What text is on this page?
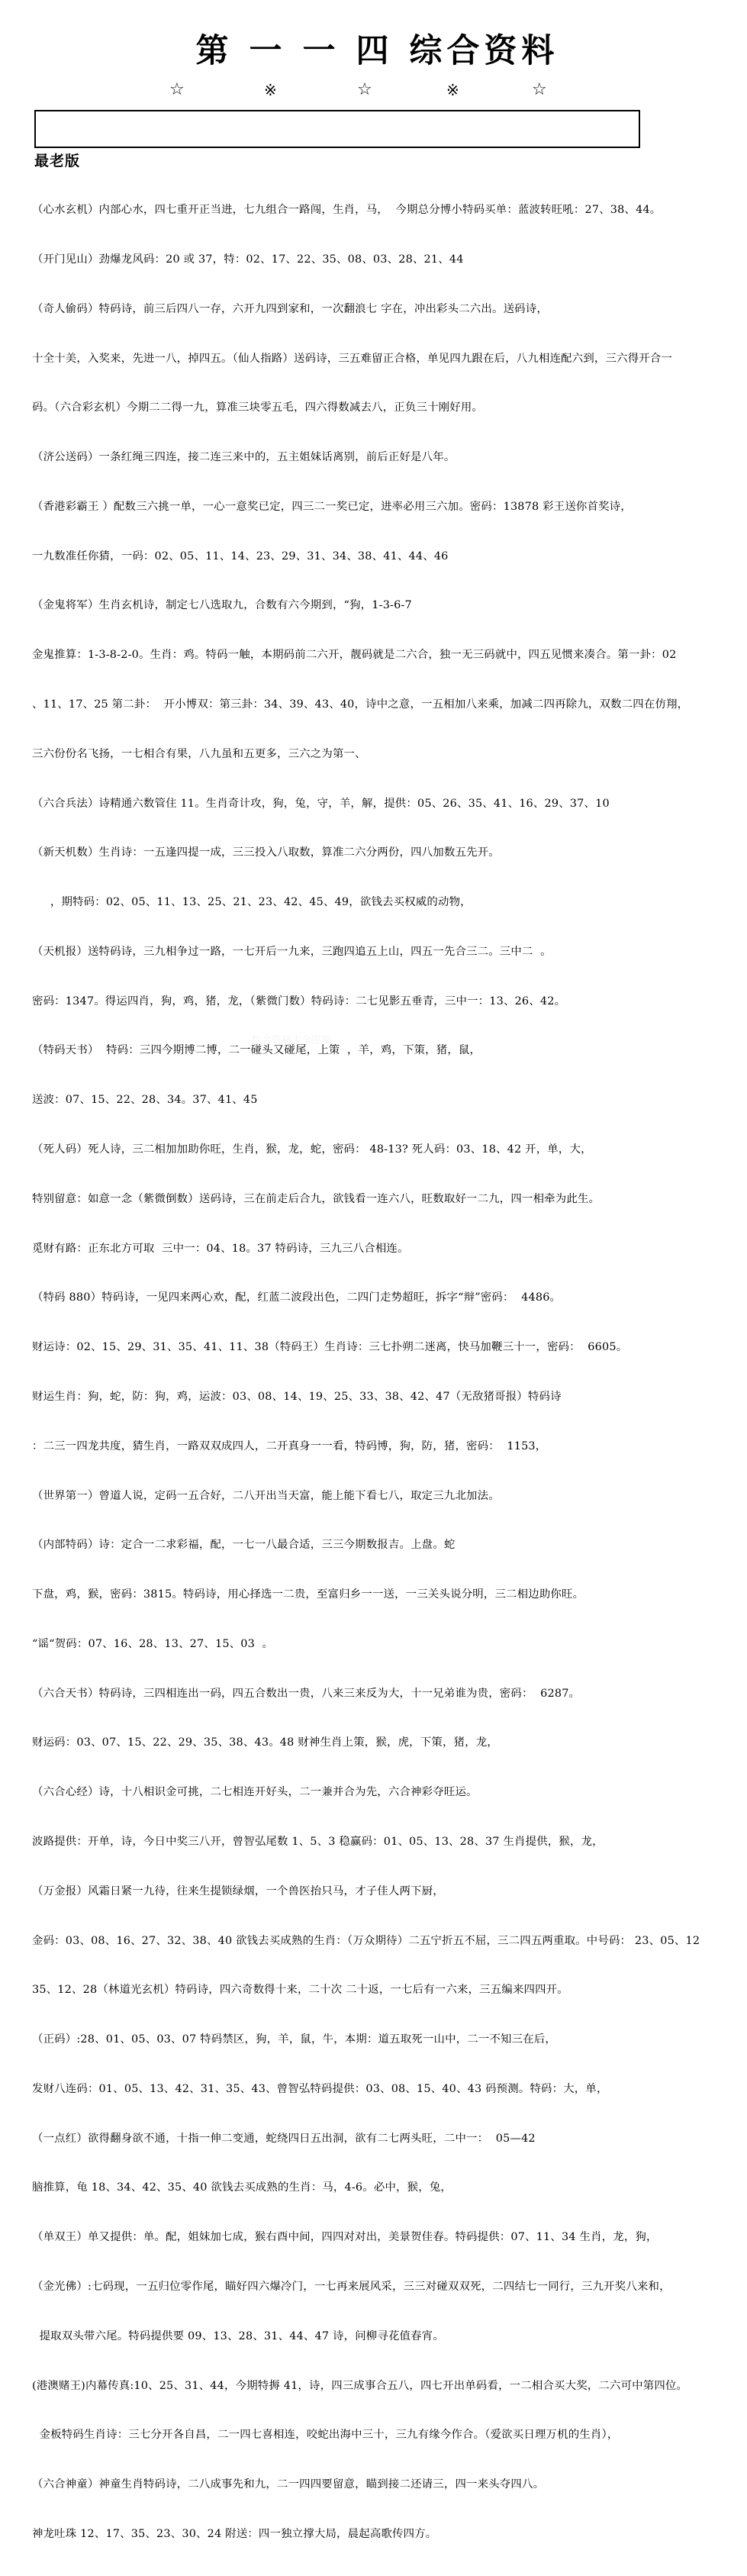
第 一 一 四 综合资料
☆	※	☆	※	☆
最老版

（心水玄机）内部心水，四七重开正当进，七九组合一路闯，生肖，马，  今期总分博小特码买单：蓝波转旺吼：27、38、44。

（开门见山）劲爆龙风码：20 或 37，特：02、17、22、35、08、03、28、21、44

（奇人偷码）特码诗，前三后四八一存，六开九四到家和，一次翻浪七 字在，冲出彩头二六出。送码诗，

十全十美，入奖来，先进一八，掉四五。（仙人指路）送码诗，三五难留正合格，单见四九跟在后，八九相连配六到，三六得开合一

码。（六合彩玄机）今期二二得一九，算准三块零五毛，四六得数减去八，正负三十刚好用。

（济公送码）一条红绳三四连，接二连三来中的，五主姐妹话离别，前后正好是八年。

（香港彩霸王 ）配数三六挑一单，一心一意奖已定，四三二一奖已定，进率必用三六加。密码：13878 彩王送你首奖诗，

一九数准任你猜，一码：02、05、11、14、23、29、31、34、38、41、44、46

（金鬼将军）生肖玄机诗，制定七八选取九，合数有六今期到，“狗，1-3-6-7

金鬼推算：1-3-8-2-0。生肖：鸡。特码一触，本期码前二六开，靓码就是二六合，独一无三码就中，四五见惯来凑合。第一卦：02

、11、17、25 第二卦：  开小博双：第三卦：34、39、43、40，诗中之意，一五相加八来乘，加减二四再除九，双数二四在仿翔，

三六份份名飞扬，一七相合有果，八九虽和五更多，三六之为第一、

（六合兵法）诗精通六数管住 11。生肖奇计攻，狗，兔，守，羊，解，提供：05、26、35、41、16、29、37、10

（新天机数）生肖诗：一五逢四提一成，三三投入八取数，算准二六分两份，四八加数五先开。

，期特码：02、05、11、13、25、21、23、42、45、49，欲钱去买权威的动物，

（天机报）送特码诗，三九相争过一路，一七开后一九来，三跑四追五上山，四五一先合三二。三中二  。

密码：1347。得运四肖，狗，鸡，猪，龙，（紫微门数）特码诗：二七见影五垂青，三中一：13、26、42。

（特码天书）  特码：三四今期博二博，二一碰头又碰尾，上策  ，羊，鸡，下策，猪，鼠，

送波：07、15、22、28、34。37、41、45

（死人码）死人诗，三二相加加助你旺，生肖，猴，龙，蛇，密码： 48-13? 死人码：03、18、42 开，单，大，

特别留意：如意一念（紫微倒数）送码诗，三在前走后合九，欲钱看一连六八，旺数取好一二九，四一相牵为此生。

觅财有路：正东北方可取  三中一：04、18。37 特码诗，三九三八合相连。

（特码 880）特码诗，一见四来两心欢，配，红蓝二波段出色，二四门走势超旺，拆字“辩”密码：  4486。

财运诗：02、15、29、31、35、41、11、38（特码王）生肖诗：三七扑朔二迷离，快马加鞭三十一，密码：  6605。

财运生肖：狗，蛇，防：狗，鸡，运波：03、08、14、19、25、33、38、42、47（无敌猪哥报）特码诗

：二三一四龙共度，猜生肖，一路双双成四人，二开真身一一看，特码博，狗，防，猪，密码：  1153，

（世界第一）曾道人说，定码一五合好，二八开出当天富，能上能下看七八，取定三九北加法。

（内部特码）诗：定合一二求彩福，配，一七一八最合适，三三今期数报吉。上盘。蛇

下盘，鸡，猴，密码：3815。特码诗，用心择选一二贵，至富归乡一一送，一三关头说分明，三二相边助你旺。

“谣“贺码：07、16、28、13、27、15、03  。

（六合天书）特码诗，三四相连出一码，四五合数出一贵，八来三来反为大，十一兄弟谁为贵，密码：  6287。

财运码：03、07、15、22、29、35、38、43。48 财神生肖上策，猴，虎，下策，猪，龙，

（六合心经）诗，十八相识金可挑，二七相连开好头，二一兼并合为先，六合神彩夺旺运。

波路提供：开单，诗，今日中奖三八开，曾智弘尾数 1、5、3 稳赢码：01、05、13、28、37 生肖提供，猴，龙，

（万金报）风霜日紧一九待，往来生提锁绿烟，一个兽医抬只马，才子佳人两下厨，

金码：03、08、16、27、32、38、40 欲钱去买成熟的生肖：（万众期待）二五宁折五不屈，三二四五两重取。中号码： 23、05、12

35、12、28（林道光玄机）特码诗，四六奇数得十来，二十次 二十返，一七后有一六来，三五编来四四开。

（正码）:28、01、05、03、07 特码禁区，狗，羊，鼠，牛，本期：道五取死一山中，二一不知三在后，

发财八连码：01、05、13、42、31、35、43、曾智弘特码提供：03、08、15、40、43 码预测。特码：大，单，

（一点红）欲得翻身欲不通，十指一伸二变通，蛇绕四日五出洞，欲有二七两头旺，二中一：  05—42

脑推算，龟 18、34、42、35、40 欲钱去买成熟的生肖：马，4-6。必中，猴，兔，

（单双王）单又提供：单。配，姐妹加七成，猴右酉中间，四四对对出，美景贺佳春。特码提供：07、11、34 生肖，龙，狗，

（金光佛）:七码现，一五归位零作尾，瞄好四六爆冷门，一七再来展风采，三三对碰双双死，二四结七一同行，三九开奖八来和，

提取双头带六尾。特码提供要 09、13、28、31、44、47 诗，问柳寻花值春宵。

(港澳赌王)内幕传真:10、25、31、44，今期特搙 41，诗，四三成事合五八，四七开出单码看，一二相合买大奖，二六可中第四位。

金板特码生肖诗：三七分开各自昌，二一四七喜相连，咬蛇出海中三十，三九有缘今作合。（爱欲买日理万机的生肖），

（六合神童）神童生肖特码诗，二八成事先和九，二一四四要留意，瞄到接二还请三，四一来头夺四八。

神龙吐珠 12、17、35、23、30、24 附送：四一独立撑大局，晨起高歌传四方。

综合资料大全图库
